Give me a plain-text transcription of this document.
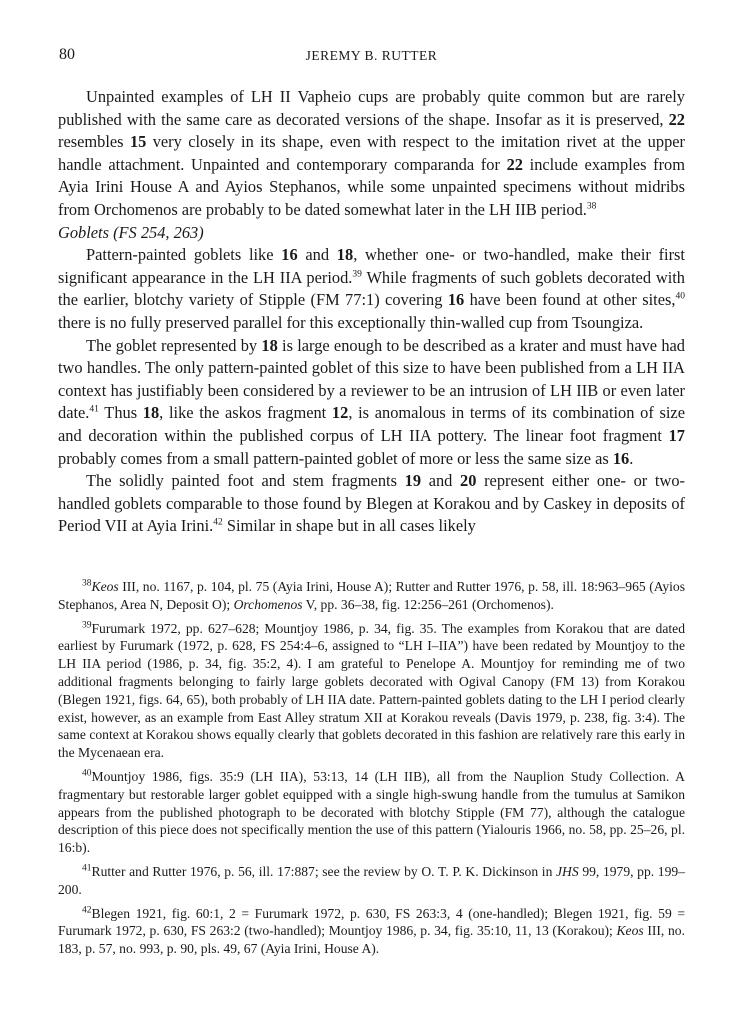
80	JEREMY B. RUTTER

Unpainted examples of LH II Vapheio cups are probably quite common but are rarely published with the same care as decorated versions of the shape. Insofar as it is preserved, 22 resembles 15 very closely in its shape, even with respect to the imitation rivet at the upper handle attachment. Unpainted and contemporary comparanda for 22 include examples from Ayia Irini House A and Ayios Stephanos, while some unpainted specimens without midribs from Orchomenos are probably to be dated somewhat later in the LH IIB period.$^{38}$

Goblets (FS 254, 263)

Pattern-painted goblets like 16 and 18, whether one- or two-handled, make their first significant appearance in the LH IIA period.$^{39}$ While fragments of such goblets decorated with the earlier, blotchy variety of Stipple (FM 77:1) covering 16 have been found at other sites,$^{40}$ there is no fully preserved parallel for this exceptionally thin-walled cup from Tsoungiza.

The goblet represented by 18 is large enough to be described as a krater and must have had two handles. The only pattern-painted goblet of this size to have been published from a LH IIA context has justifiably been considered by a reviewer to be an intrusion of LH IIB or even later date.$^{41}$ Thus 18, like the askos fragment 12, is anomalous in terms of its combination of size and decoration within the published corpus of LH IIA pottery. The linear foot fragment 17 probably comes from a small pattern-painted goblet of more or less the same size as 16.

The solidly painted foot and stem fragments 19 and 20 represent either one- or two-handled goblets comparable to those found by Blegen at Korakou and by Caskey in deposits of Period VII at Ayia Irini.$^{42}$ Similar in shape but in all cases likely

$^{38}$Keos III, no. 1167, p. 104, pl. 75 (Ayia Irini, House A); Rutter and Rutter 1976, p. 58, ill. 18:963–965 (Ayios Stephanos, Area N, Deposit O); Orchomenos V, pp. 36–38, fig. 12:256–261 (Orchomenos).

$^{39}$Furumark 1972, pp. 627–628; Mountjoy 1986, p. 34, fig. 35. The examples from Korakou that are dated earliest by Furumark (1972, p. 628, FS 254:4–6, assigned to “LH I–IIA”) have been redated by Mountjoy to the LH IIA period (1986, p. 34, fig. 35:2, 4). I am grateful to Penelope A. Mountjoy for reminding me of two additional fragments belonging to fairly large goblets decorated with Ogival Canopy (FM 13) from Korakou (Blegen 1921, figs. 64, 65), both probably of LH IIA date. Pattern-painted goblets dating to the LH I period clearly exist, however, as an example from East Alley stratum XII at Korakou reveals (Davis 1979, p. 238, fig. 3:4). The same context at Korakou shows equally clearly that goblets decorated in this fashion are relatively rare this early in the Mycenaean era.

$^{40}$Mountjoy 1986, figs. 35:9 (LH IIA), 53:13, 14 (LH IIB), all from the Nauplion Study Collection. A fragmentary but restorable larger goblet equipped with a single high-swung handle from the tumulus at Samikon appears from the published photograph to be decorated with blotchy Stipple (FM 77), although the catalogue description of this piece does not specifically mention the use of this pattern (Yialouris 1966, no. 58, pp. 25–26, pl. 16:b).

$^{41}$Rutter and Rutter 1976, p. 56, ill. 17:887; see the review by O. T. P. K. Dickinson in JHS 99, 1979, pp. 199–200.

$^{42}$Blegen 1921, fig. 60:1, 2 = Furumark 1972, p. 630, FS 263:3, 4 (one-handled); Blegen 1921, fig. 59 = Furumark 1972, p. 630, FS 263:2 (two-handled); Mountjoy 1986, p. 34, fig. 35:10, 11, 13 (Korakou); Keos III, no. 183, p. 57, no. 993, p. 90, pls. 49, 67 (Ayia Irini, House A).
